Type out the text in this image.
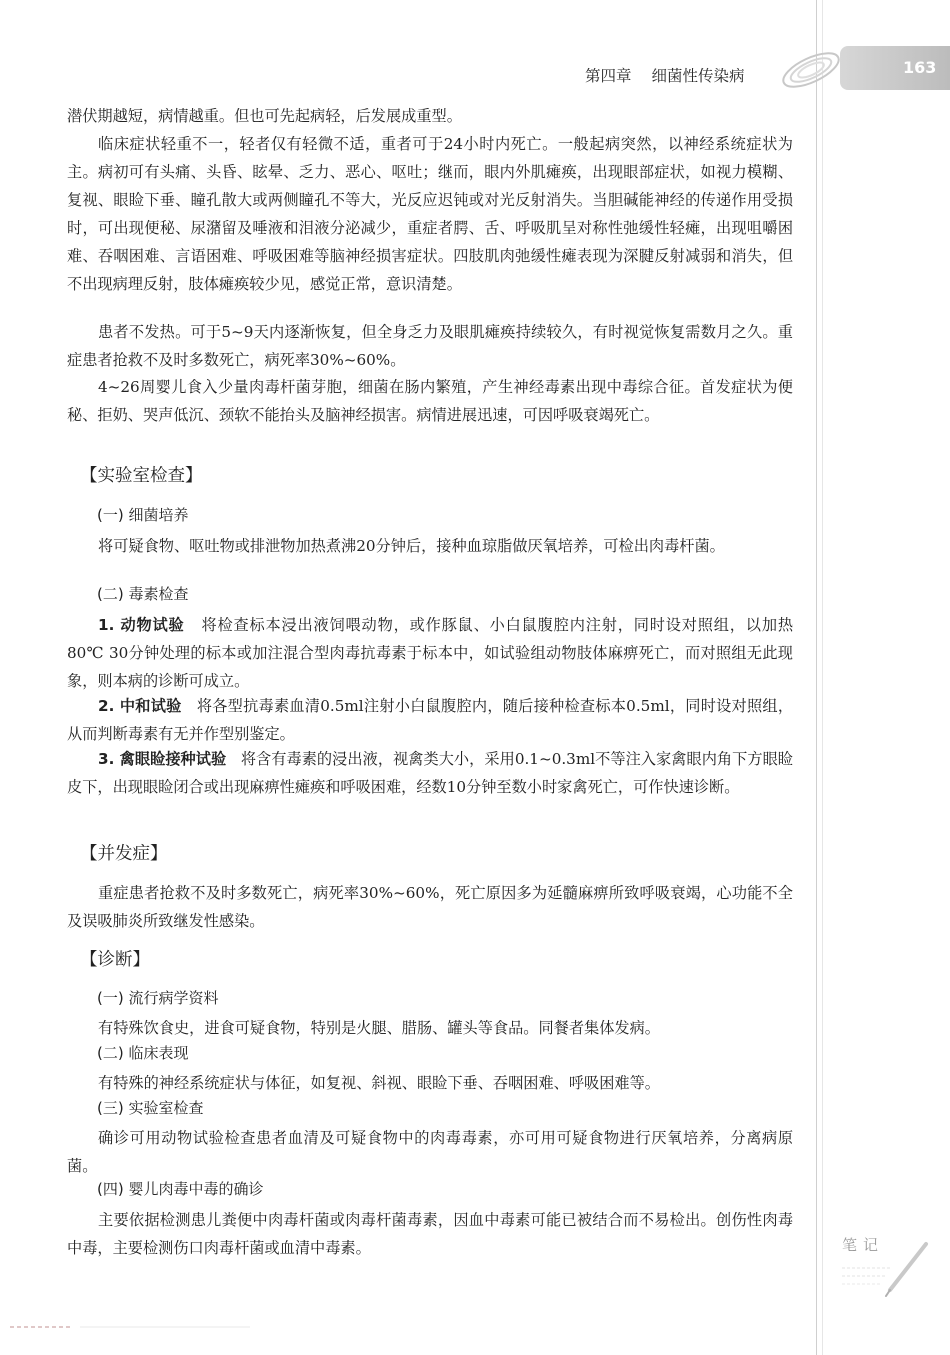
第四章 细菌性传染病	163
潜伏期越短，病情越重。但也可先起病轻，后发展成重型。
临床症状轻重不一，轻者仅有轻微不适，重者可于24小时内死亡。一般起病突然，以神经系统症状为主。病初可有头痛、头昏、眩晕、乏力、恶心、呕吐；继而，眼内外肌瘫痪，出现眼部症状，如视力模糊、复视、眼睑下垂、瞳孔散大或两侧瞳孔不等大，光反应迟钝或对光反射消失。当胆碱能神经的传递作用受损时，可出现便秘、尿潴留及唾液和泪液分泌减少，重症者腭、舌、呼吸肌呈对称性弛缓性轻瘫，出现咀嚼困难、吞咽困难、言语困难、呼吸困难等脑神经损害症状。四肢肌肉弛缓性瘫表现为深腱反射减弱和消失，但不出现病理反射，肢体瘫痪较少见，感觉正常，意识清楚。
患者不发热。可于5~9天内逐渐恢复，但全身乏力及眼肌瘫痪持续较久，有时视觉恢复需数月之久。重症患者抢救不及时多数死亡，病死率30%~60%。
4~26周婴儿食入少量肉毒杆菌芽胞，细菌在肠内繁殖，产生神经毒素出现中毒综合征。首发症状为便秘、拒奶、哭声低沉、颈软不能抬头及脑神经损害。病情进展迅速，可因呼吸衰竭死亡。
【实验室检查】
(一) 细菌培养
将可疑食物、呕吐物或排泄物加热煮沸20分钟后，接种血琼脂做厌氧培养，可检出肉毒杆菌。
(二) 毒素检查
1. 动物试验 将检查标本浸出液饲喂动物，或作豚鼠、小白鼠腹腔内注射，同时设对照组，以加热80℃ 30分钟处理的标本或加注混合型肉毒抗毒素于标本中，如试验组动物肢体麻痹死亡，而对照组无此现象，则本病的诊断可成立。
2. 中和试验 将各型抗毒素血清0.5ml注射小白鼠腹腔内，随后接种检查标本0.5ml，同时设对照组，从而判断毒素有无并作型别鉴定。
3. 禽眼睑接种试验 将含有毒素的浸出液，视禽类大小，采用0.1~0.3ml不等注入家禽眼内角下方眼睑皮下，出现眼睑闭合或出现麻痹性瘫痪和呼吸困难，经数10分钟至数小时家禽死亡，可作快速诊断。
【并发症】
重症患者抢救不及时多数死亡，病死率30%~60%，死亡原因多为延髓麻痹所致呼吸衰竭，心功能不全及误吸肺炎所致继发性感染。
【诊断】
(一) 流行病学资料
有特殊饮食史，进食可疑食物，特别是火腿、腊肠、罐头等食品。同餐者集体发病。
(二) 临床表现
有特殊的神经系统症状与体征，如复视、斜视、眼睑下垂、吞咽困难、呼吸困难等。
(三) 实验室检查
确诊可用动物试验检查患者血清及可疑食物中的肉毒毒素，亦可用可疑食物进行厌氧培养，分离病原菌。
(四) 婴儿肉毒中毒的确诊
主要依据检测患儿粪便中肉毒杆菌或肉毒杆菌毒素，因血中毒素可能已被结合而不易检出。创伤性肉毒中毒，主要检测伤口肉毒杆菌或血清中毒素。	笔记
